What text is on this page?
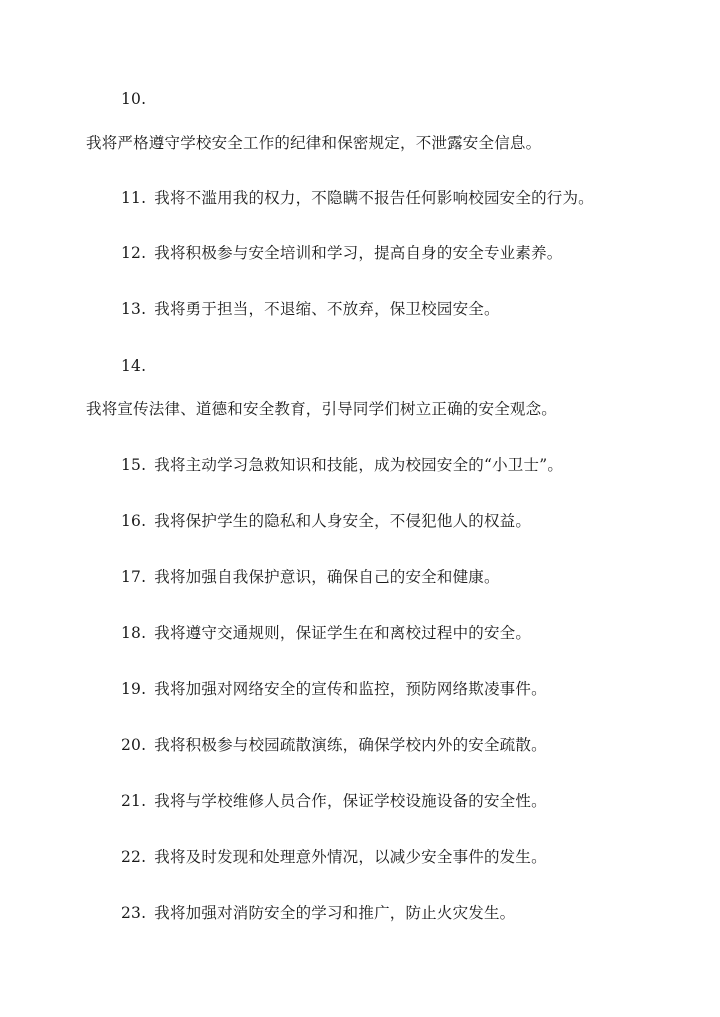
10.
我将严格遵守学校安全工作的纪律和保密规定，不泄露安全信息。
11. 我将不滥用我的权力，不隐瞒不报告任何影响校园安全的行为。
12. 我将积极参与安全培训和学习，提高自身的安全专业素养。
13. 我将勇于担当，不退缩、不放弃，保卫校园安全。
14.
我将宣传法律、道德和安全教育，引导同学们树立正确的安全观念。
15. 我将主动学习急救知识和技能，成为校园安全的“小卫士”。
16. 我将保护学生的隐私和人身安全，不侵犯他人的权益。
17. 我将加强自我保护意识，确保自己的安全和健康。
18. 我将遵守交通规则，保证学生在和离校过程中的安全。
19. 我将加强对网络安全的宣传和监控，预防网络欺凌事件。
20. 我将积极参与校园疏散演练，确保学校内外的安全疏散。
21. 我将与学校维修人员合作，保证学校设施设备的安全性。
22. 我将及时发现和处理意外情况，以减少安全事件的发生。
23. 我将加强对消防安全的学习和推广，防止火灾发生。
